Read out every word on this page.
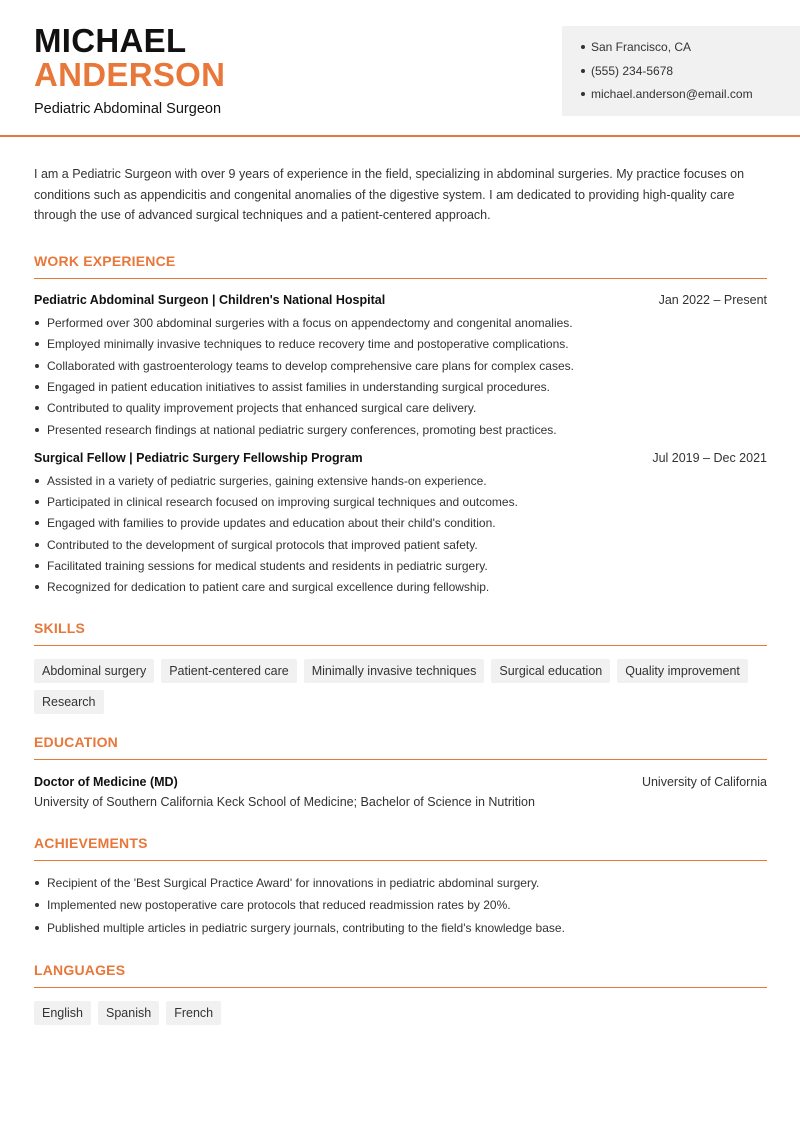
MICHAEL
ANDERSON
Pediatric Abdominal Surgeon
San Francisco, CA
(555) 234-5678
michael.anderson@email.com

I am a Pediatric Surgeon with over 9 years of experience in the field, specializing in abdominal surgeries. My practice focuses on conditions such as appendicitis and congenital anomalies of the digestive system. I am dedicated to providing high-quality care through the use of advanced surgical techniques and a patient-centered approach.

WORK EXPERIENCE
Pediatric Abdominal Surgeon | Children's National Hospital	Jan 2022 – Present
Performed over 300 abdominal surgeries with a focus on appendectomy and congenital anomalies.
Employed minimally invasive techniques to reduce recovery time and postoperative complications.
Collaborated with gastroenterology teams to develop comprehensive care plans for complex cases.
Engaged in patient education initiatives to assist families in understanding surgical procedures.
Contributed to quality improvement projects that enhanced surgical care delivery.
Presented research findings at national pediatric surgery conferences, promoting best practices.
Surgical Fellow | Pediatric Surgery Fellowship Program	Jul 2019 – Dec 2021
Assisted in a variety of pediatric surgeries, gaining extensive hands-on experience.
Participated in clinical research focused on improving surgical techniques and outcomes.
Engaged with families to provide updates and education about their child's condition.
Contributed to the development of surgical protocols that improved patient safety.
Facilitated training sessions for medical students and residents in pediatric surgery.
Recognized for dedication to patient care and surgical excellence during fellowship.
SKILLS
Abdominal surgery	Patient-centered care	Minimally invasive techniques	Surgical education	Quality improvement
Research
EDUCATION
Doctor of Medicine (MD)	University of California
University of Southern California Keck School of Medicine; Bachelor of Science in Nutrition
ACHIEVEMENTS
Recipient of the 'Best Surgical Practice Award' for innovations in pediatric abdominal surgery.
Implemented new postoperative care protocols that reduced readmission rates by 20%.
Published multiple articles in pediatric surgery journals, contributing to the field's knowledge base.
LANGUAGES
English	Spanish	French
